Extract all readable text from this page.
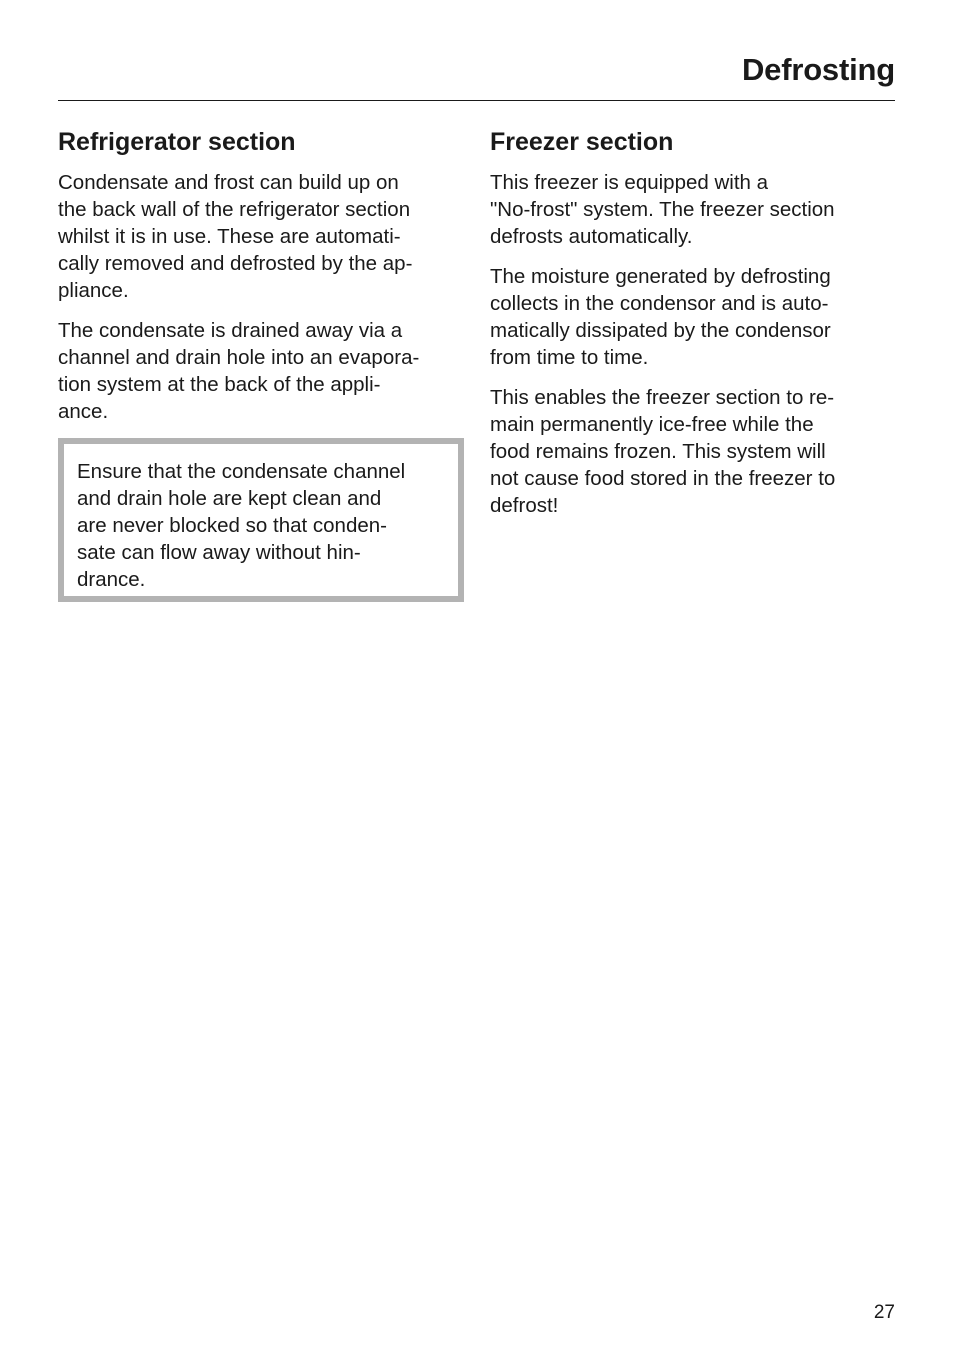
Defrosting
Refrigerator section

Condensate and frost can build up on
the back wall of the refrigerator section
whilst it is in use. These are automati-
cally removed and defrosted by the ap-
pliance.

The condensate is drained away via a
channel and drain hole into an evapora-
tion system at the back of the appli-
ance.

Ensure that the condensate channel
and drain hole are kept clean and
are never blocked so that conden-
sate can flow away without hin-
drance.

Freezer section

This freezer is equipped with a
"No-frost" system. The freezer section
defrosts automatically.

The moisture generated by defrosting
collects in the condensor and is auto-
matically dissipated by the condensor
from time to time.

This enables the freezer section to re-
main permanently ice-free while the
food remains frozen. This system will
not cause food stored in the freezer to
defrost!

27
